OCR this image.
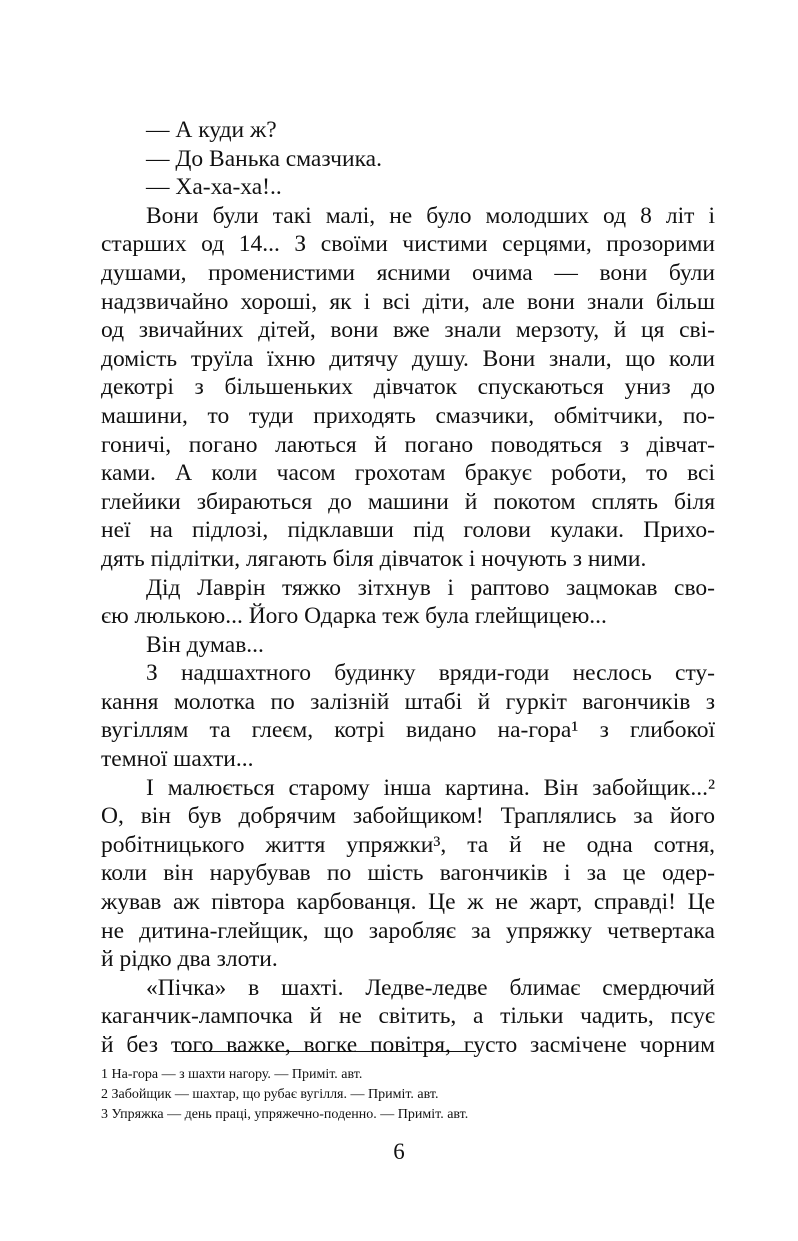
— А куди ж?
— До Ванька смазчика.
— Ха-ха-ха!..
Вони були такі малі, не було молодших од 8 літ і
старших од 14... З своїми чистими серцями, прозорими
душами, променистими ясними очима — вони були
надзвичайно хороші, як і всі діти, але вони знали більш
од звичайних дітей, вони вже знали мерзоту, й ця сві-
домість труїла їхню дитячу душу. Вони знали, що коли
декотрі з більшеньких дівчаток спускаються униз до
машини, то туди приходять смазчики, обмітчики, по-
гоничі, погано лаються й погано поводяться з дівчат-
ками. А коли часом грохотам бракує роботи, то всі
глейики збираються до машини й покотом сплять біля
неї на підлозі, підклавши під голови кулаки. Прихо-
дять підлітки, лягають біля дівчаток і ночують з ними.
Дід Лаврін тяжко зітхнув і раптово зацмокав сво-
єю люлькою... Його Одарка теж була глейщицею...
Він думав...
З надшахтного будинку вряди-годи неслось сту-
кання молотка по залізній штабі й гуркіт вагончиків з
вугіллям та глеєм, котрі видано на-гора¹ з глибокої
темної шахти...
І малюється старому інша картина. Він забойщик...²
О, він був добрячим забойщиком! Траплялись за його
робітницького життя упряжки³, та й не одна сотня,
коли він нарубував по шість вагончиків і за це одер-
жував аж півтора карбованця. Це ж не жарт, справді! Це
не дитина-глейщик, що заробляє за упряжку четвертака
й рідко два злоти.
«Пічка» в шахті. Ледве-ледве блимає смердючий
каганчик-лампочка й не світить, а тільки чадить, псує
й без того важке, вогке повітря, густо засмічене чорним
1 На-гора — з шахти нагору. — Приміт. авт.
2 Забойщик — шахтар, що рубає вугілля. — Приміт. авт.
3 Упряжка — день праці, упряжечно-поденно. — Приміт. авт.
6
